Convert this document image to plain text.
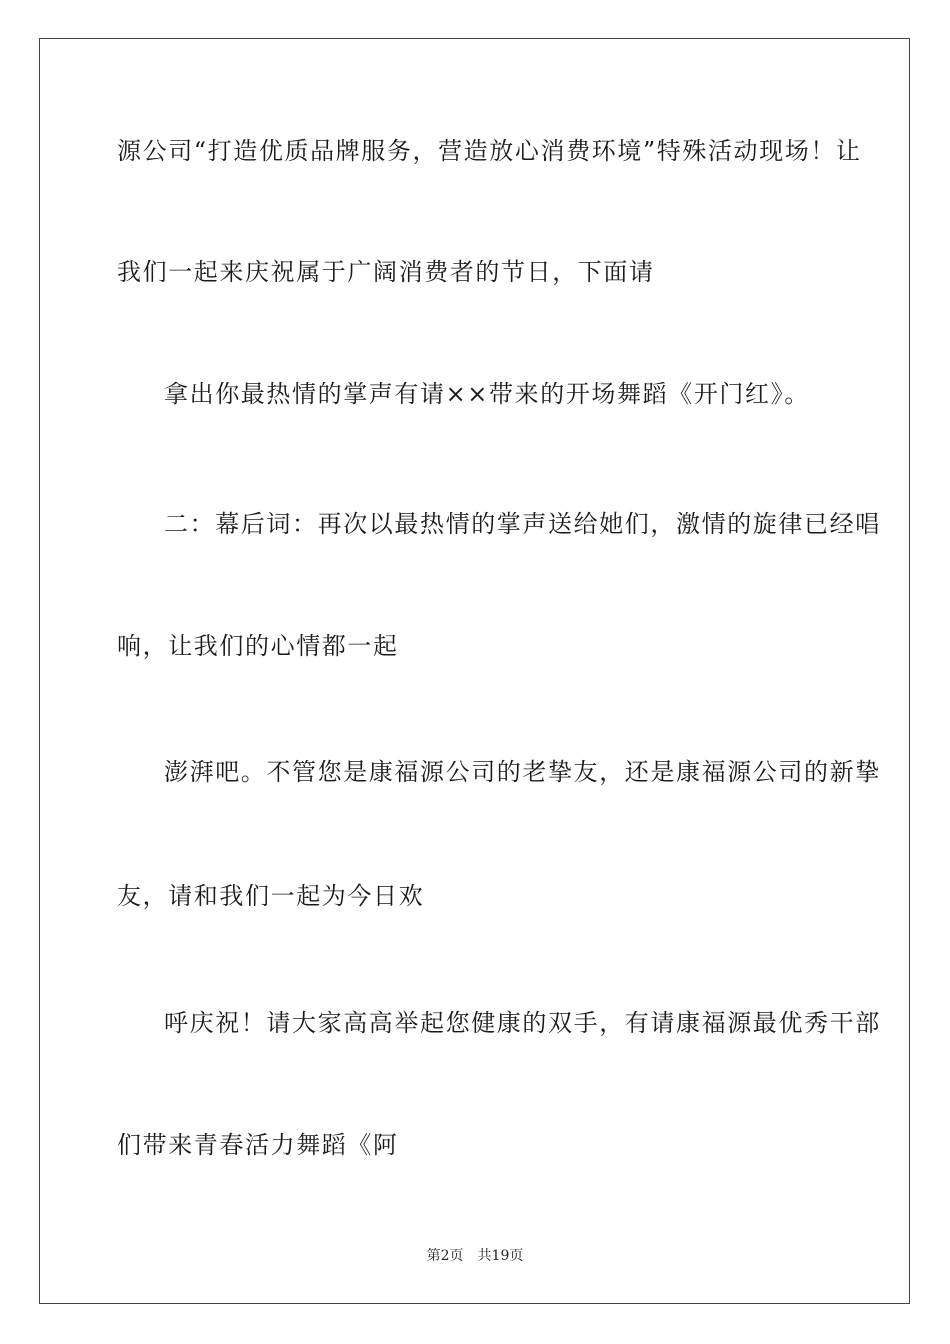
源公司“打造优质品牌服务，营造放心消费环境”特殊活动现场！让
我们一起来庆祝属于广阔消费者的节日，下面请
拿出你最热情的掌声有请××带来的开场舞蹈《开门红》。
二：幕后词：再次以最热情的掌声送给她们，激情的旋律已经唱
响，让我们的心情都一起
澎湃吧。不管您是康福源公司的老挚友，还是康福源公司的新挚
友，请和我们一起为今日欢
呼庆祝！请大家高高举起您健康的双手，有请康福源最优秀干部
们带来青春活力舞蹈《阿
第2页 共19页
